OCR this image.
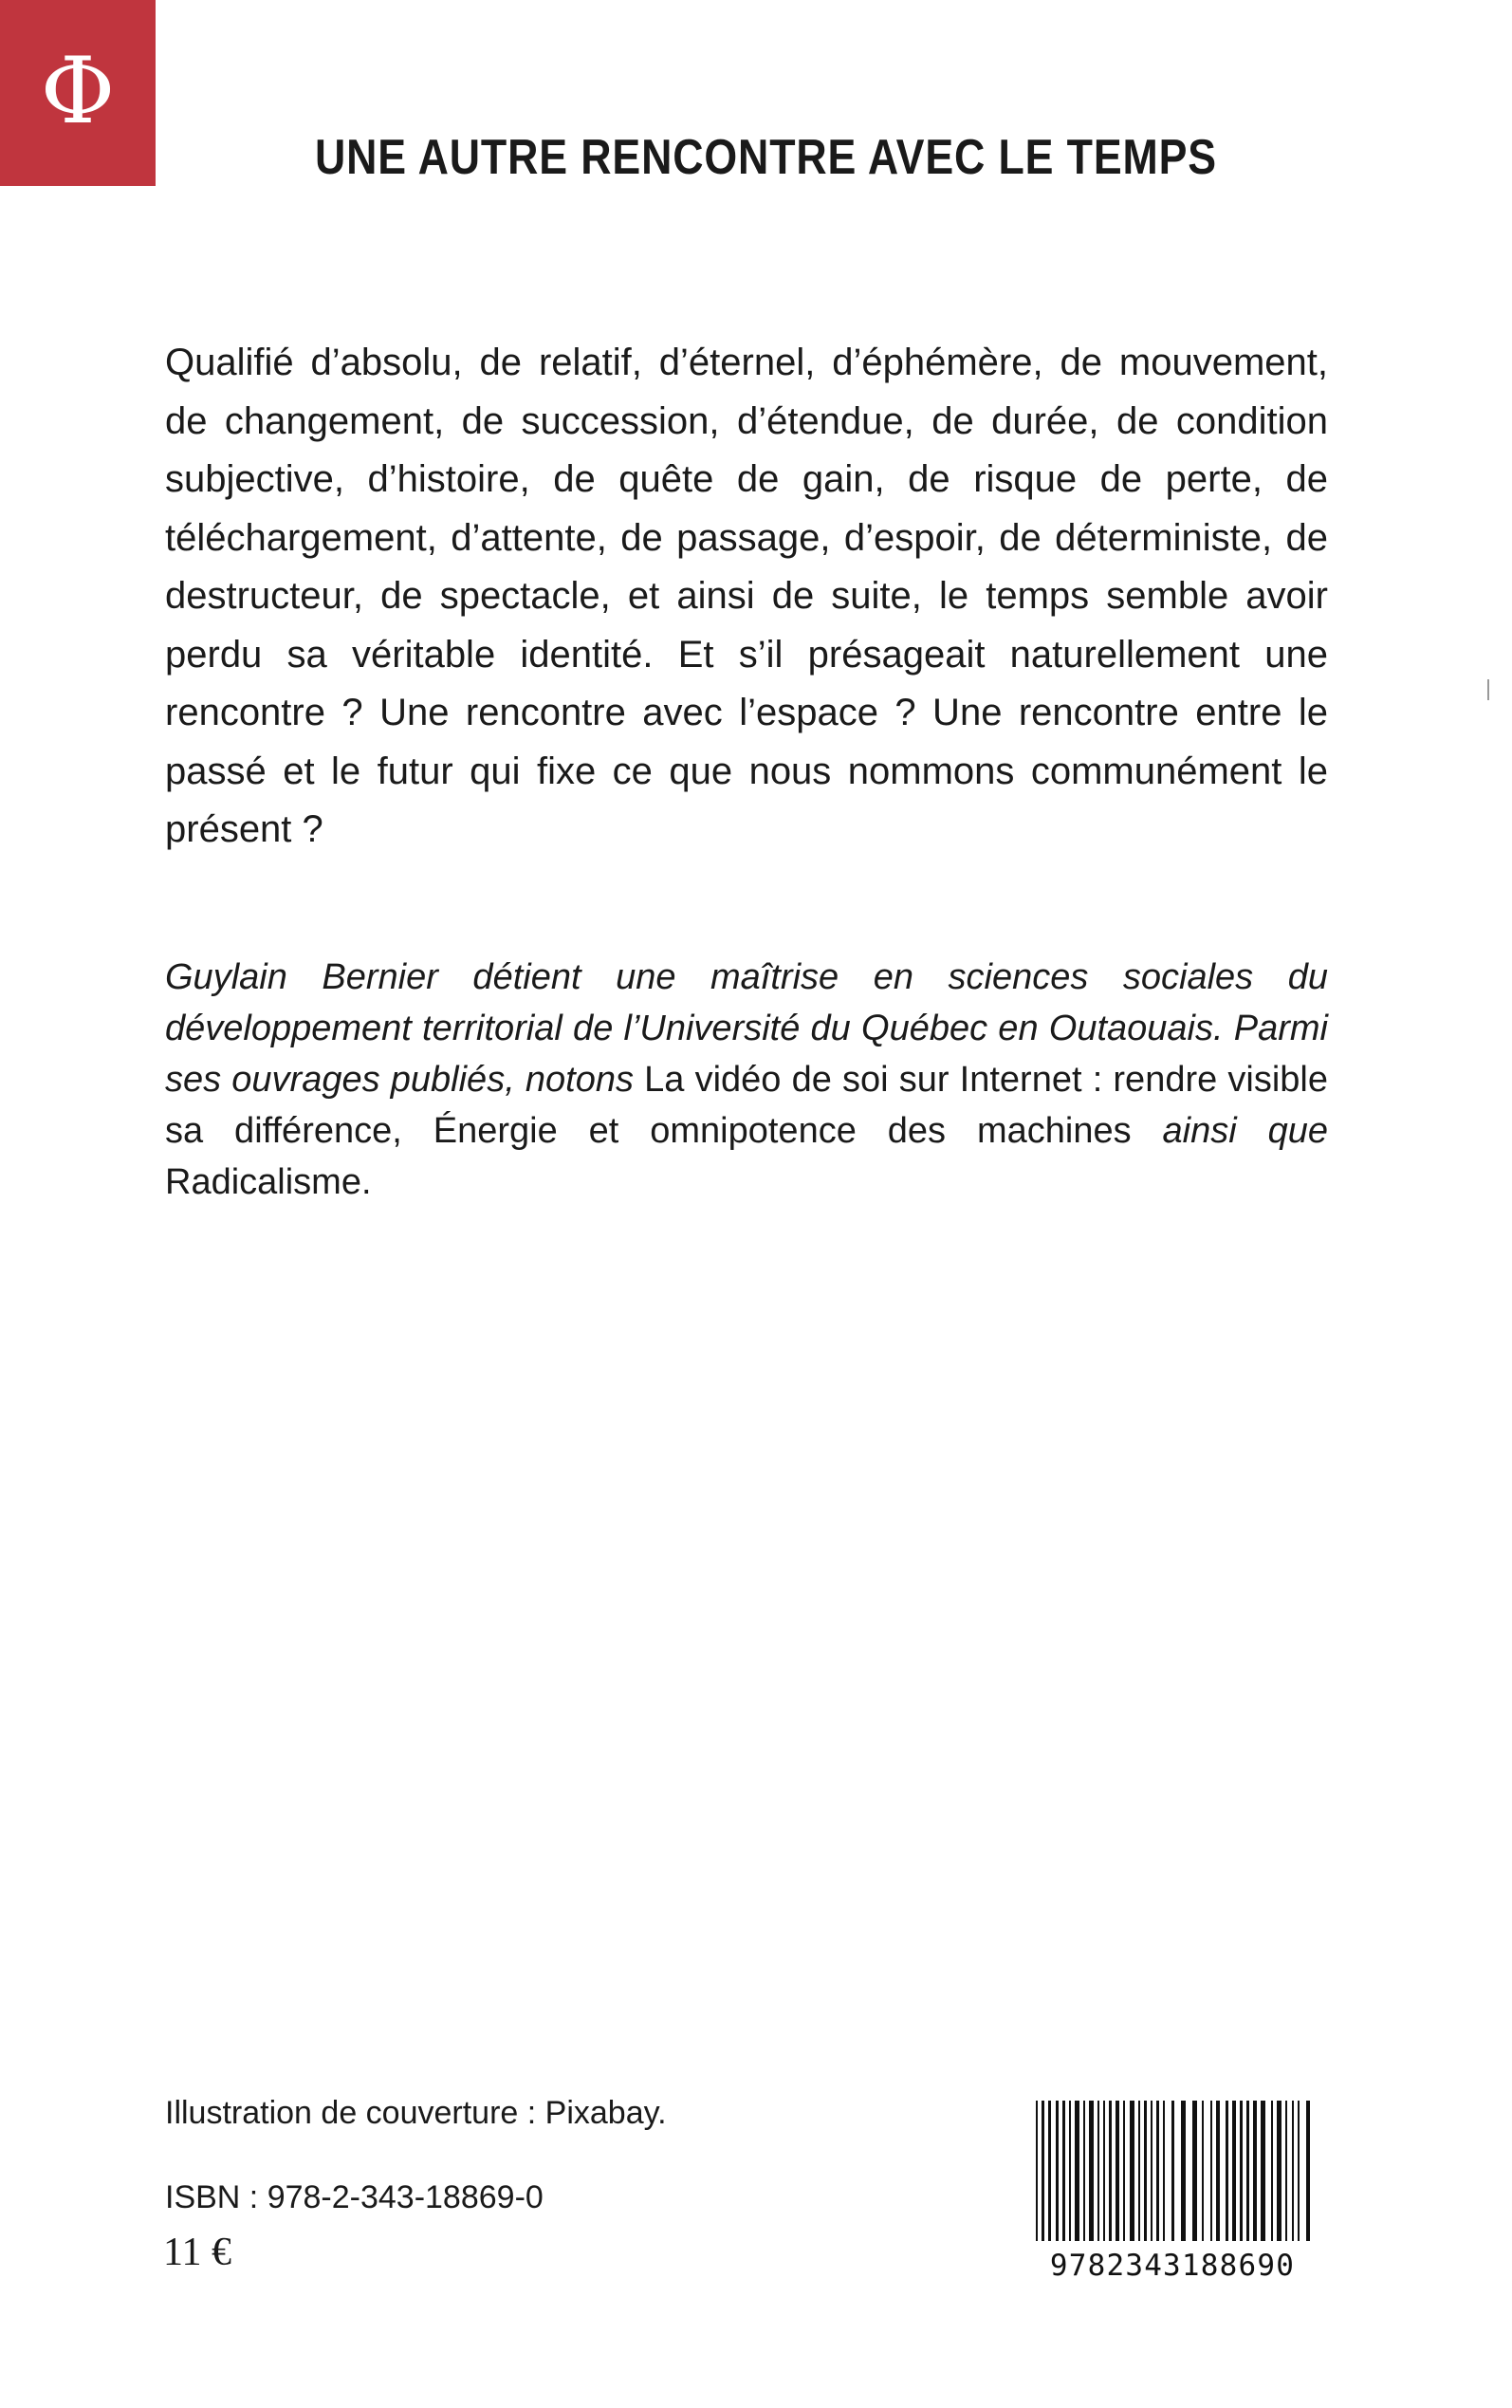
Φ
UNE AUTRE RENCONTRE AVEC LE TEMPS

Qualifié d’absolu, de relatif, d’éternel, d’éphémère, de mouvement, de changement, de succession, d’étendue, de durée, de condition subjective, d’histoire, de quête de gain, de risque de perte, de téléchargement, d’attente, de passage, d’espoir, de déterministe, de destructeur, de spectacle, et ainsi de suite, le temps semble avoir perdu sa véritable identité. Et s’il présageait naturellement une rencontre ? Une rencontre avec l’espace ? Une rencontre entre le passé et le futur qui fixe ce que nous nommons communément le présent ?

Guylain Bernier détient une maîtrise en sciences sociales du développement territorial de l’Université du Québec en Outaouais. Parmi ses ouvrages publiés, notons La vidéo de soi sur Internet : rendre visible sa différence, Énergie et omnipotence des machines ainsi que Radicalisme.

Illustration de couverture : Pixabay.

ISBN : 978-2-343-18869-0

11 €	9782343188690
